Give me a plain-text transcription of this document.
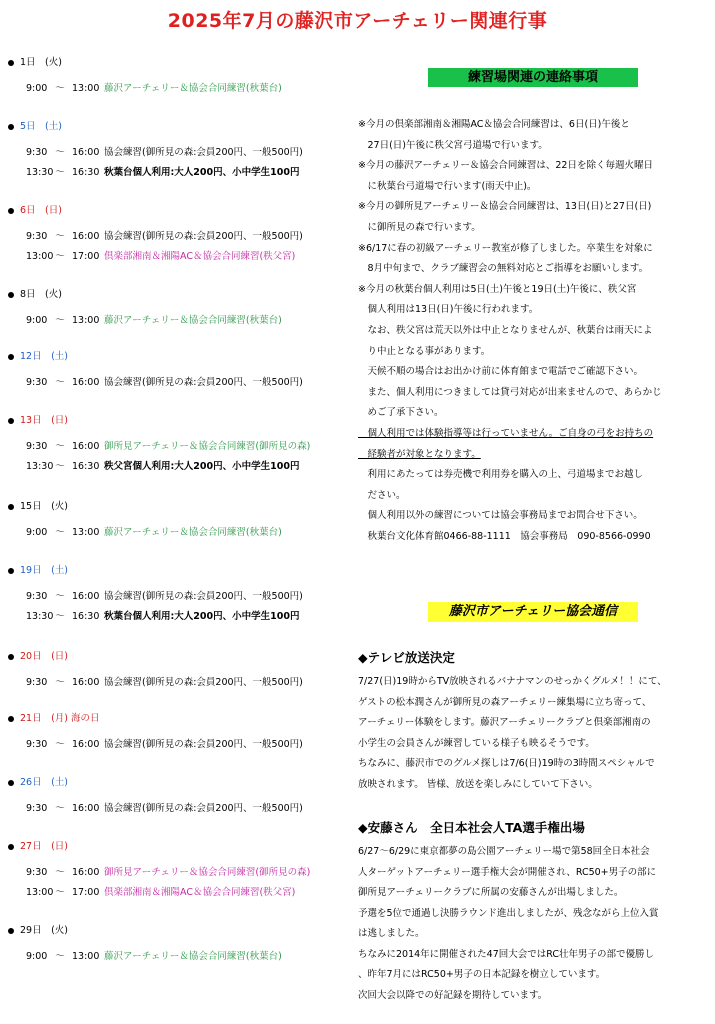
2025年7月の藤沢市アーチェリー関連行事
1日　(火)
9:00 ～ 13:00 藤沢アーチェリー＆協会合同練習(秋葉台)
5日　(土)
9:30 ～ 16:00 協会練習(御所見の森:会員200円、一般500円)
13:30 ～ 16:30 秋葉台個人利用:大人200円、小中学生100円
6日　(日)
9:30 ～ 16:00 協会練習(御所見の森:会員200円、一般500円)
13:00 ～ 17:00 倶楽部湘南＆湘陽AC＆協会合同練習(秩父宮)
8日　(火)
9:00 ～ 13:00 藤沢アーチェリー＆協会合同練習(秋葉台)
12日　(土)
9:30 ～ 16:00 協会練習(御所見の森:会員200円、一般500円)
13日　(日)
9:30 ～ 16:00 御所見アーチェリー＆協会合同練習(御所見の森)
13:30 ～ 16:30 秩父宮個人利用:大人200円、小中学生100円
15日　(火)
9:00 ～ 13:00 藤沢アーチェリー＆協会合同練習(秋葉台)
19日　(土)
9:30 ～ 16:00 協会練習(御所見の森:会員200円、一般500円)
13:30 ～ 16:30 秋葉台個人利用:大人200円、小中学生100円
20日　(日)
9:30 ～ 16:00 協会練習(御所見の森:会員200円、一般500円)
21日　(月) 海の日
9:30 ～ 16:00 協会練習(御所見の森:会員200円、一般500円)
26日　(土)
9:30 ～ 16:00 協会練習(御所見の森:会員200円、一般500円)
27日　(日)
9:30 ～ 16:00 御所見アーチェリー＆協会合同練習(御所見の森)
13:00 ～ 17:00 倶楽部湘南＆湘陽AC＆協会合同練習(秩父宮)
29日　(火)
9:00 ～ 13:00 藤沢アーチェリー＆協会合同練習(秋葉台)
練習場関連の連絡事項
※今月の倶楽部湘南＆湘陽AC＆協会合同練習は、6日(日)午後と
　27日(日)午後に秩父宮弓道場で行います。
※今月の藤沢アーチェリー＆協会合同練習は、22日を除く毎週火曜日
　に秋葉台弓道場で行います(雨天中止)。
※今月の御所見アーチェリー＆協会合同練習は、13日(日)と27日(日)
　に御所見の森で行います。
※6/17に春の初級アーチェリー教室が修了しました。卒業生を対象に
　8月中旬まで、クラブ練習会の無料対応とご指導をお願いします。
※今月の秋葉台個人利用は5日(土)午後と19日(土)午後に、秩父宮
　個人利用は13日(日)午後に行われます。
　なお、秩父宮は荒天以外は中止となりませんが、秋葉台は雨天によ
　り中止となる事があります。
　天候不順の場合はお出かけ前に体育館まで電話でご確認下さい。
　また、個人利用につきましては貸弓対応が出来ませんので、あらかじ
　めご了承下さい。
　個人利用では体験指導等は行っていません。ご自身の弓をお持ちの
　経験者が対象となります。
　利用にあたっては券売機で利用券を購入の上、弓道場までお越し
　ださい。
　個人利用以外の練習については協会事務局までお問合せ下さい。
　秋葉台文化体育館0466-88-1111　協会事務局　090-8566-0990
藤沢市アーチェリー協会通信
◆テレビ放送決定
7/27(日)19時からTV放映されるバナナマンのせっかくグルメ！！にて、
ゲストの松本潤さんが御所見の森アーチェリー練集場に立ち寄って、
アーチェリー体験をします。藤沢アーチェリークラブと倶楽部湘南の
小学生の会員さんが練習している様子も映るそうです。
ちなみに、藤沢市でのグルメ探しは7/6(日)19時の3時間スペシャルで
放映されます。 皆様、放送を楽しみにしていて下さい。
◆安藤さん　全日本社会人TA選手権出場
6/27～6/29に東京都夢の島公園アーチェリー場で第58回全日本社会
人ターゲットアーチェリー選手権大会が開催され、RC50+男子の部に
御所見アーチェリークラブに所属の安藤さんが出場しました。
予選を5位で通過し決勝ラウンド進出しましたが、残念ながら上位入賞
は逃しました。
ちなみに2014年に開催された47回大会ではRC壮年男子の部で優勝し
、昨年7月にはRC50+男子の日本記録を樹立しています。
次回大会以降での好記録を期待しています。
